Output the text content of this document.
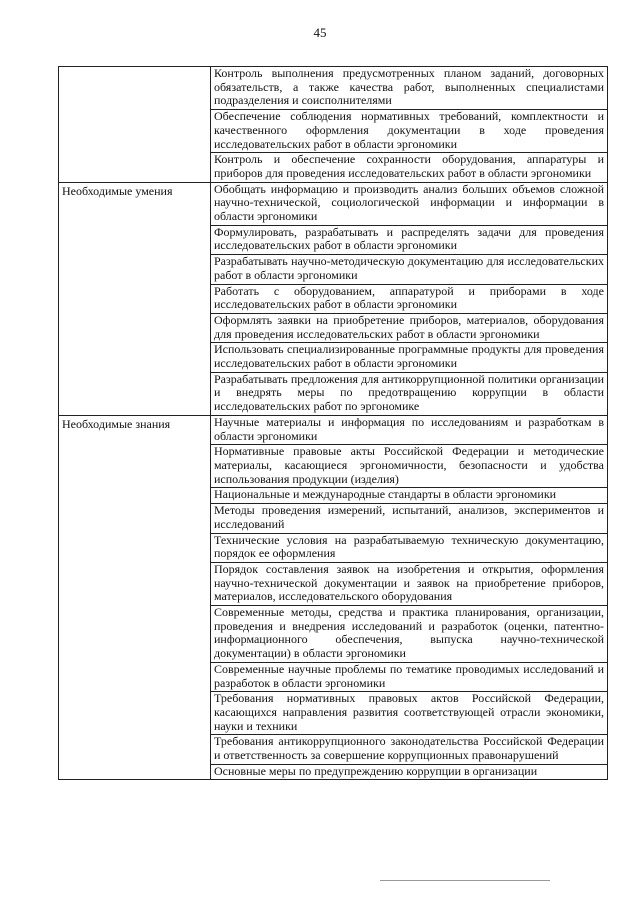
45
	Контроль выполнения предусмотренных планом заданий, договорных обязательств, а также качества работ, выполненных специалистами подразделения и соисполнителями
	Обеспечение соблюдения нормативных требований, комплектности и качественного оформления документации в ходе проведения исследовательских работ в области эргономики
	Контроль и обеспечение сохранности оборудования, аппаратуры и приборов для проведения исследовательских работ в области эргономики
Необходимые умения	Обобщать информацию и производить анализ больших объемов сложной научно-технической, социологической информации и информации в области эргономики
	Формулировать, разрабатывать и распределять задачи для проведения исследовательских работ в области эргономики
	Разрабатывать научно-методическую документацию для исследовательских работ в области эргономики
	Работать с оборудованием, аппаратурой и приборами в ходе исследовательских работ в области эргономики
	Оформлять заявки на приобретение приборов, материалов, оборудования для проведения исследовательских работ в области эргономики
	Использовать специализированные программные продукты для проведения исследовательских работ в области эргономики
	Разрабатывать предложения для антикоррупционной политики организации и внедрять меры по предотвращению коррупции в области исследовательских работ по эргономике
Необходимые знания	Научные материалы и информация по исследованиям и разработкам в области эргономики
	Нормативные правовые акты Российской Федерации и методические материалы, касающиеся эргономичности, безопасности и удобства использования продукции (изделия)
	Национальные и международные стандарты в области эргономики
	Методы проведения измерений, испытаний, анализов, экспериментов и исследований
	Технические условия на разрабатываемую техническую документацию, порядок ее оформления
	Порядок составления заявок на изобретения и открытия, оформления научно-технической документации и заявок на приобретение приборов, материалов, исследовательского оборудования
	Современные методы, средства и практика планирования, организации, проведения и внедрения исследований и разработок (оценки, патентно-информационного обеспечения, выпуска научно-технической документации) в области эргономики
	Современные научные проблемы по тематике проводимых исследований и разработок в области эргономики
	Требования нормативных правовых актов Российской Федерации, касающихся направления развития соответствующей отрасли экономики, науки и техники
	Требования антикоррупционного законодательства Российской Федерации и ответственность за совершение коррупционных правонарушений
	Основные меры по предупреждению коррупции в организации
